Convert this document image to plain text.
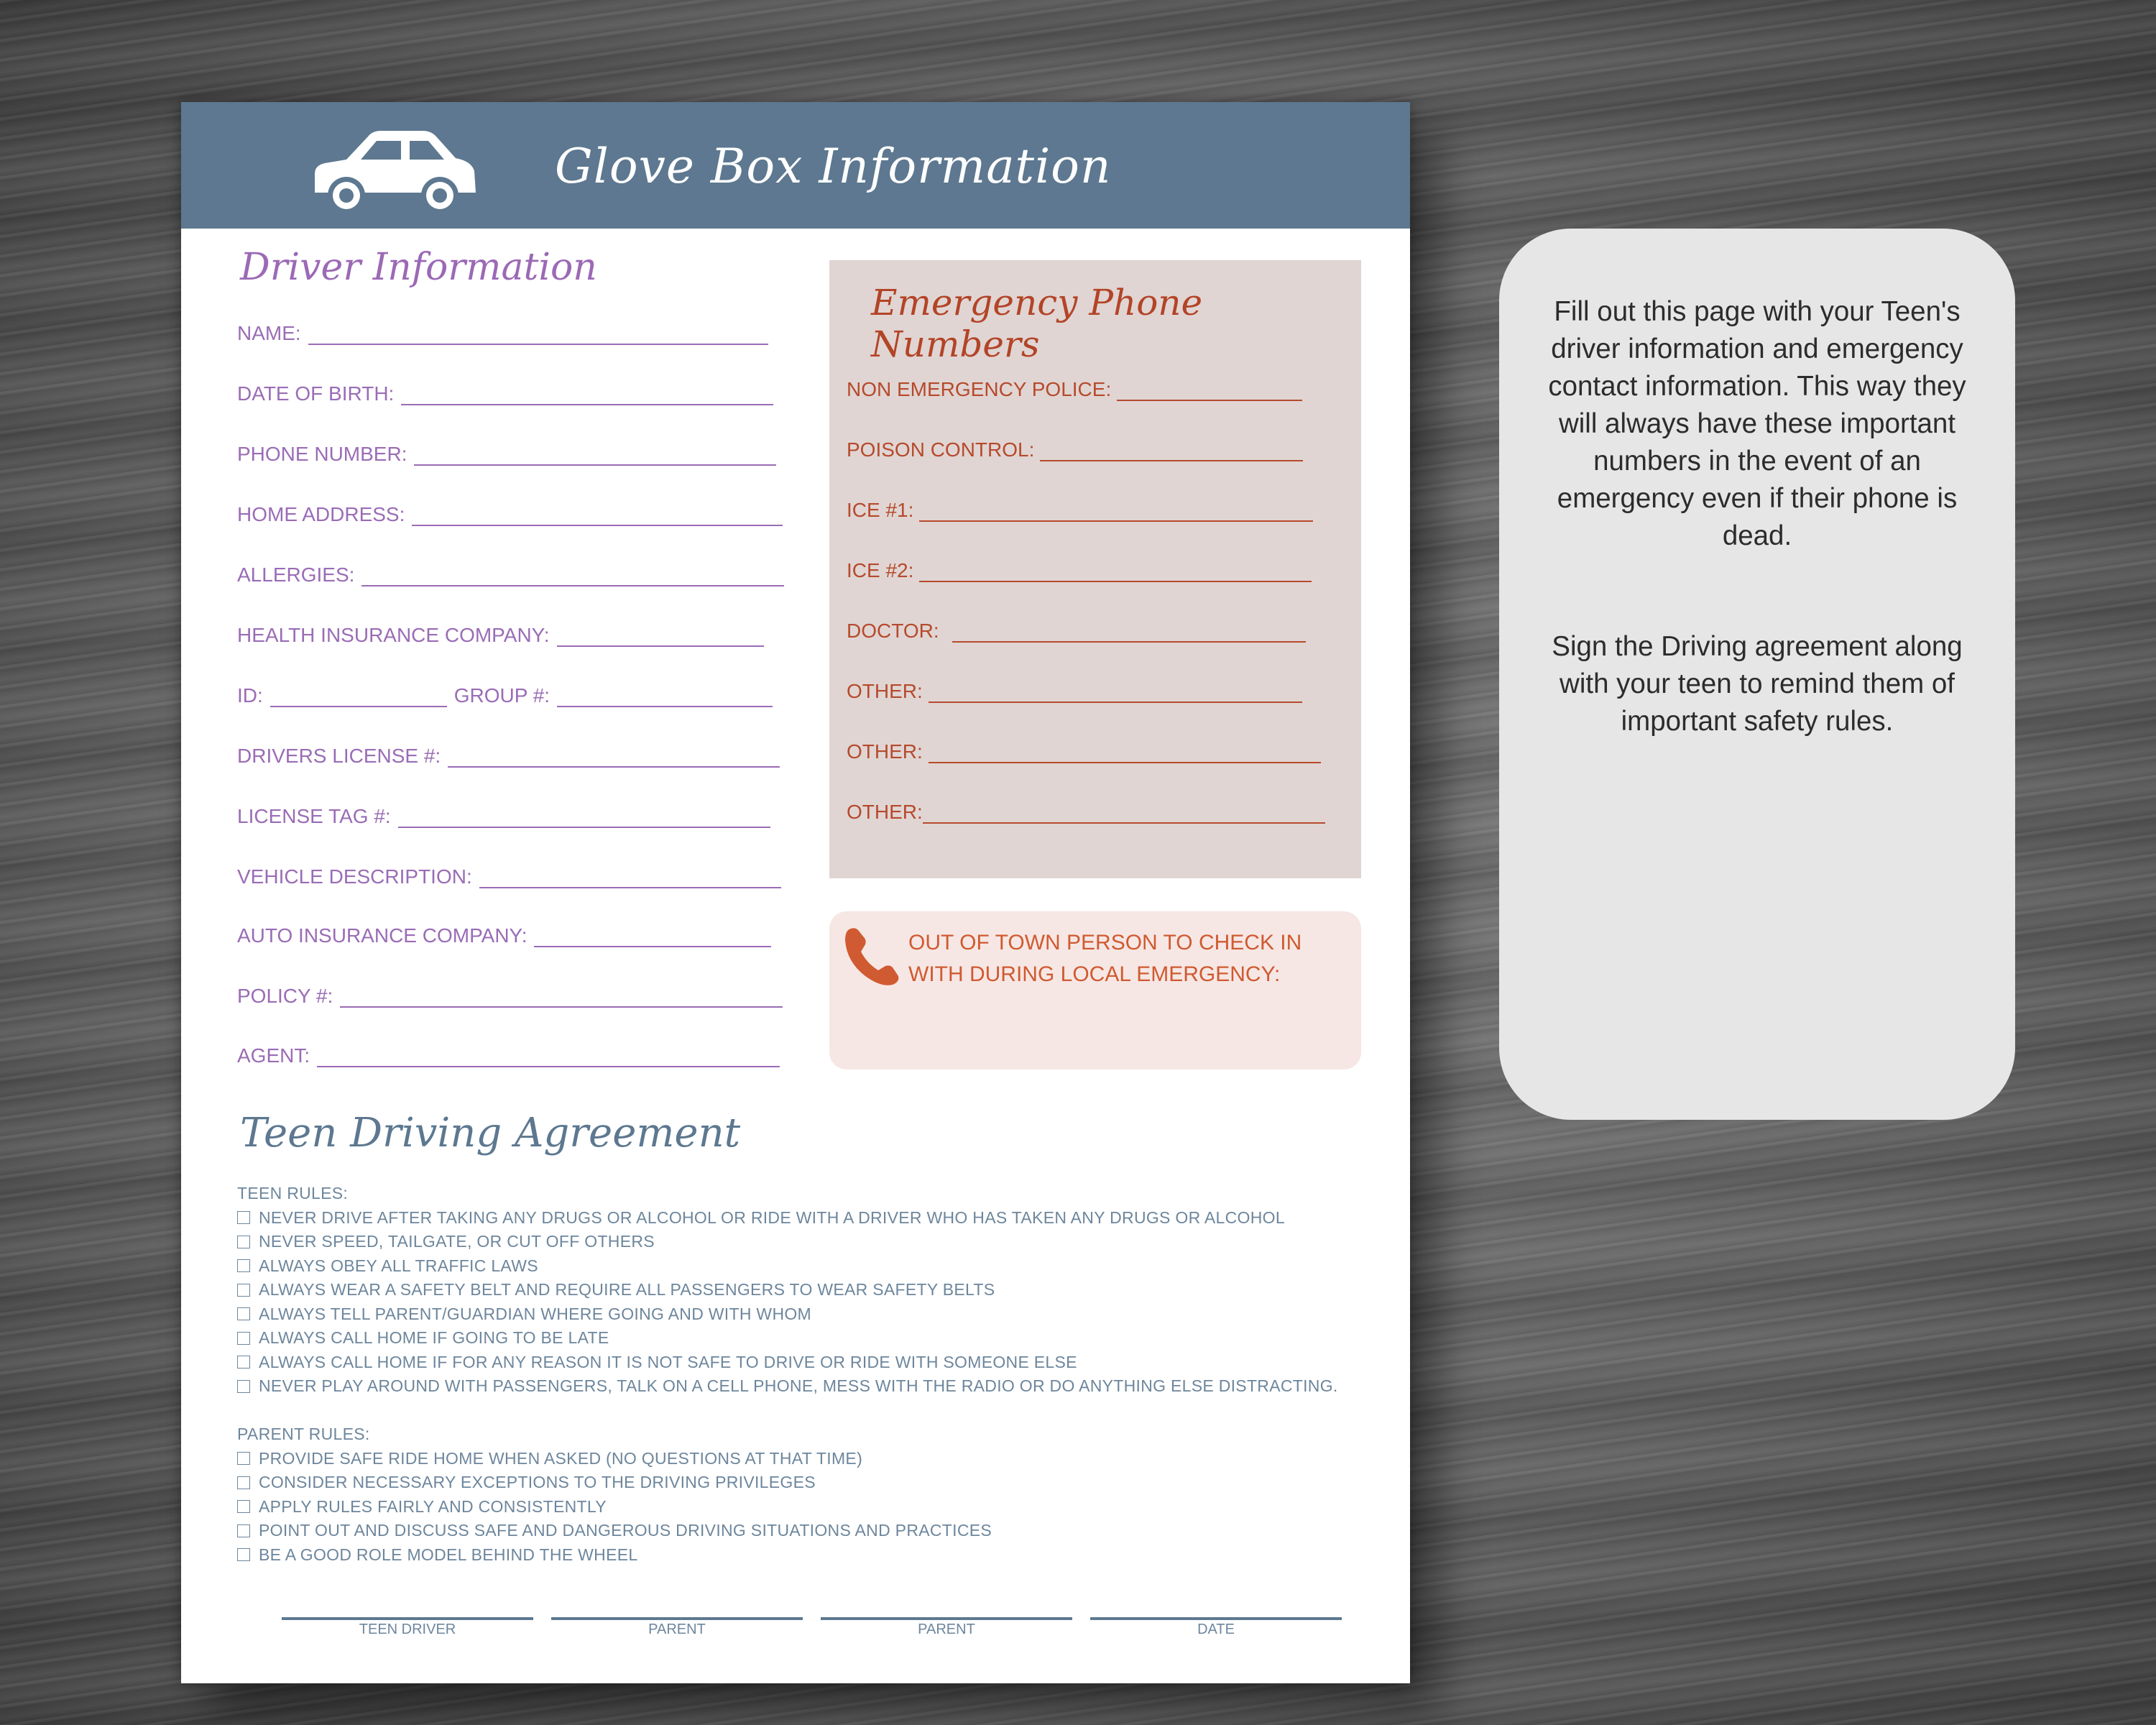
Glove Box Information
Driver Information
NAME:
DATE OF BIRTH:
PHONE NUMBER:
HOME ADDRESS:
ALLERGIES:
HEALTH INSURANCE COMPANY:
ID:	GROUP #:
DRIVERS LICENSE #:
LICENSE TAG #:
VEHICLE DESCRIPTION:
AUTO INSURANCE COMPANY:
POLICY #:
AGENT:
Emergency Phone Numbers
NON EMERGENCY POLICE:
POISON CONTROL:
ICE #1:
ICE #2:
DOCTOR:
OTHER:
OTHER:
OTHER:
OUT OF TOWN PERSON TO CHECK IN WITH DURING LOCAL EMERGENCY:
Teen Driving Agreement
TEEN RULES:
NEVER DRIVE AFTER TAKING ANY DRUGS OR ALCOHOL OR RIDE WITH A DRIVER WHO HAS TAKEN ANY DRUGS OR ALCOHOL
NEVER SPEED, TAILGATE, OR CUT OFF OTHERS
ALWAYS OBEY ALL TRAFFIC LAWS
ALWAYS WEAR A SAFETY BELT AND REQUIRE ALL PASSENGERS TO WEAR SAFETY BELTS
ALWAYS TELL PARENT/GUARDIAN WHERE GOING AND WITH WHOM
ALWAYS CALL HOME IF GOING TO BE LATE
ALWAYS CALL HOME IF FOR ANY REASON IT IS NOT SAFE TO DRIVE OR RIDE WITH SOMEONE ELSE
NEVER PLAY AROUND WITH PASSENGERS, TALK ON A CELL PHONE, MESS WITH THE RADIO OR DO ANYTHING ELSE DISTRACTING.
PARENT RULES:
PROVIDE SAFE RIDE HOME WHEN ASKED (NO QUESTIONS AT THAT TIME)
CONSIDER NECESSARY EXCEPTIONS TO THE DRIVING PRIVILEGES
APPLY RULES FAIRLY AND CONSISTENTLY
POINT OUT AND DISCUSS SAFE AND DANGEROUS DRIVING SITUATIONS AND PRACTICES
BE A GOOD ROLE MODEL BEHIND THE WHEEL
TEEN DRIVER	PARENT	PARENT	DATE
Fill out this page with your Teen's driver information and emergency contact information. This way they will always have these important numbers in the event of an emergency even if their phone is dead.
Sign the Driving agreement along with your teen to remind them of important safety rules.
